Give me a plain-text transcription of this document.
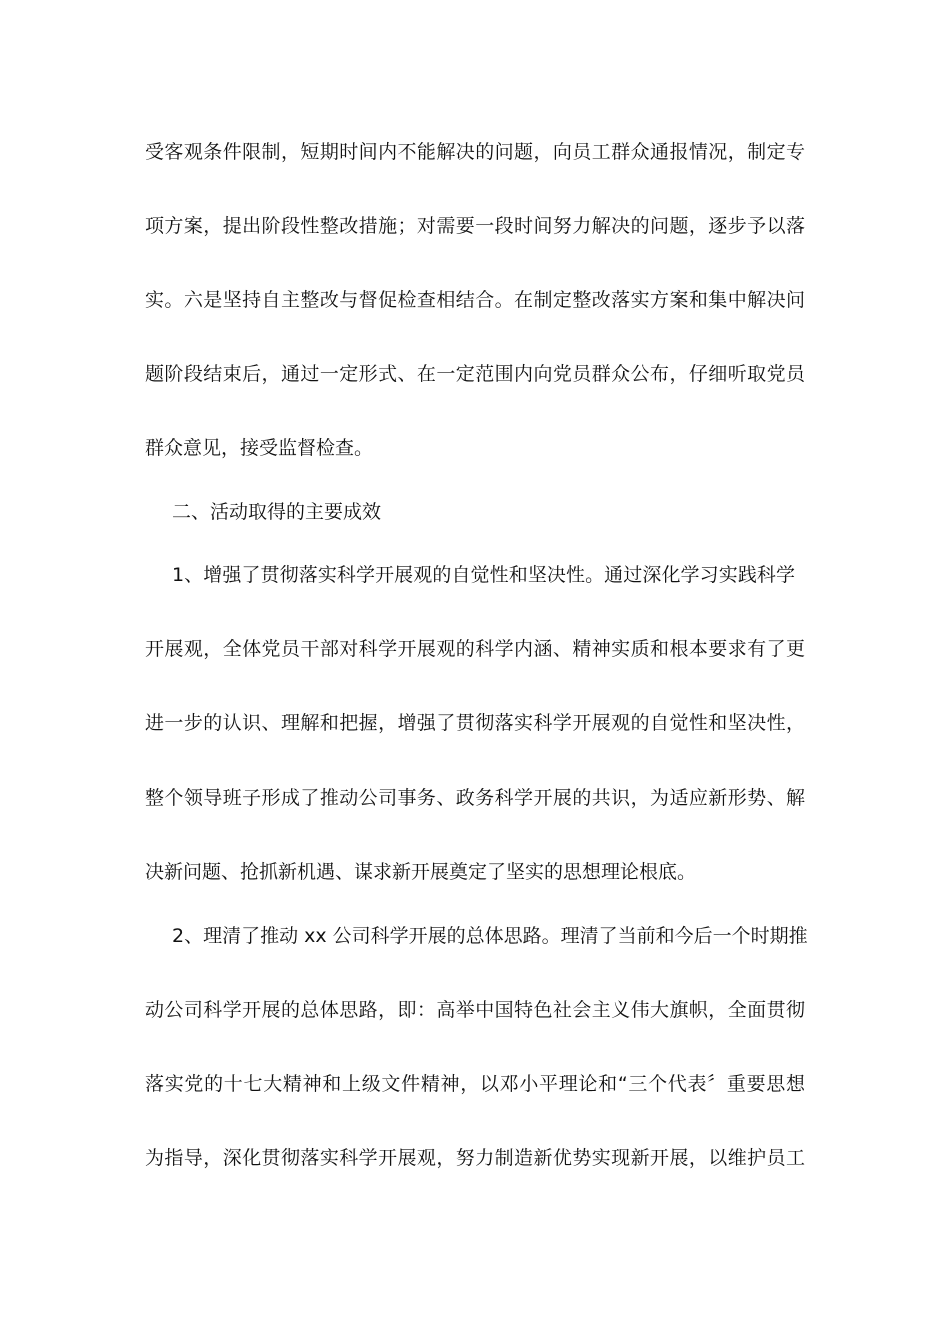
受客观条件限制，短期时间内不能解决的问题，向员工群众通报情况，制定专
项方案，提出阶段性整改措施；对需要一段时间努力解决的问题，逐步予以落
实。六是坚持自主整改与督促检查相结合。在制定整改落实方案和集中解决问
题阶段结束后，通过一定形式、在一定范围内向党员群众公布，仔细听取党员
群众意见，接受监督检查。
二、活动取得的主要成效
1、增强了贯彻落实科学开展观的自觉性和坚决性。通过深化学习实践科学
开展观，全体党员干部对科学开展观的科学内涵、精神实质和根本要求有了更
进一步的认识、理解和把握，增强了贯彻落实科学开展观的自觉性和坚决性，
整个领导班子形成了推动公司事务、政务科学开展的共识，为适应新形势、解
决新问题、抢抓新机遇、谋求新开展奠定了坚实的思想理论根底。
2、理清了推动 xx 公司科学开展的总体思路。理清了当前和今后一个时期推
动公司科学开展的总体思路，即：高举中国特色社会主义伟大旗帜，全面贯彻
落实党的十七大精神和上级文件精神，以邓小平理论和“三个代表〞重要思想
为指导，深化贯彻落实科学开展观，努力制造新优势实现新开展，以维护员工
